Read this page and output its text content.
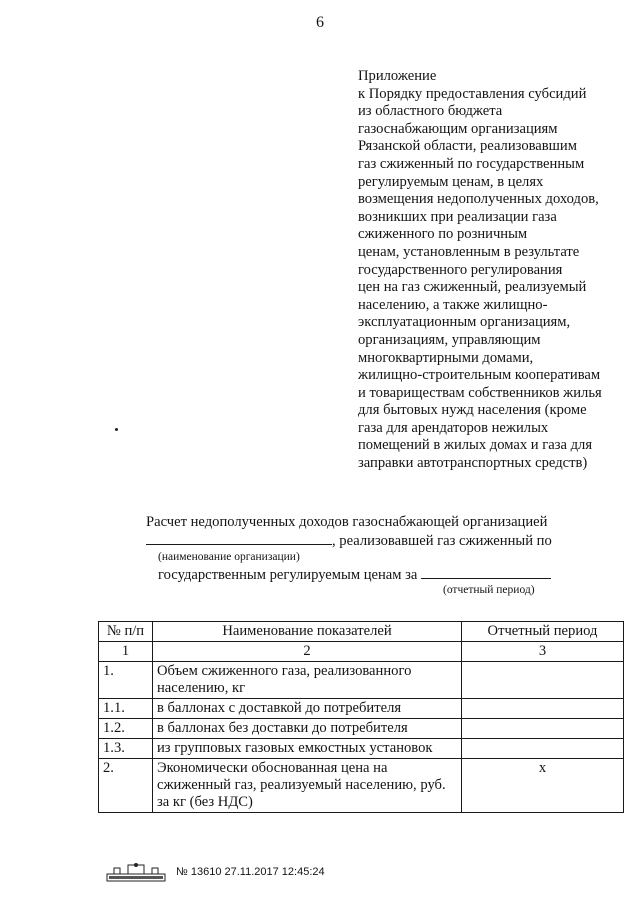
6
Приложение
к Порядку предоставления субсидий
из областного бюджета
газоснабжающим организациям
Рязанской области, реализовавшим
газ сжиженный по государственным
регулируемым ценам, в целях
возмещения недополученных доходов,
возникших при реализации газа
сжиженного по розничным
ценам, установленным в результате
государственного регулирования
цен на газ сжиженный, реализуемый
населению, а также жилищно-
эксплуатационным организациям,
организациям, управляющим
многоквартирными домами,
жилищно-строительным кооперативам
и товариществам собственников жилья
для бытовых нужд населения (кроме
газа для арендаторов нежилых
помещений в жилых домах и газа для
заправки автотранспортных средств)
Расчет недополученных доходов газоснабжающей организацией
, реализовавшей газ сжиженный по
(наименование организации)
государственным регулируемым ценам за
(отчетный период)
№ п/п	Наименование показателей	Отчетный период
1	2	3
1.	Объем сжиженного газа, реализованного населению, кг	
1.1.	в баллонах с доставкой до потребителя	
1.2.	в баллонах без доставки до потребителя	
1.3.	из групповых газовых емкостных установок	
2.	Экономически обоснованная цена на сжиженный газ, реализуемый населению, руб. за кг (без НДС)	x
№ 13610 27.11.2017 12:45:24
